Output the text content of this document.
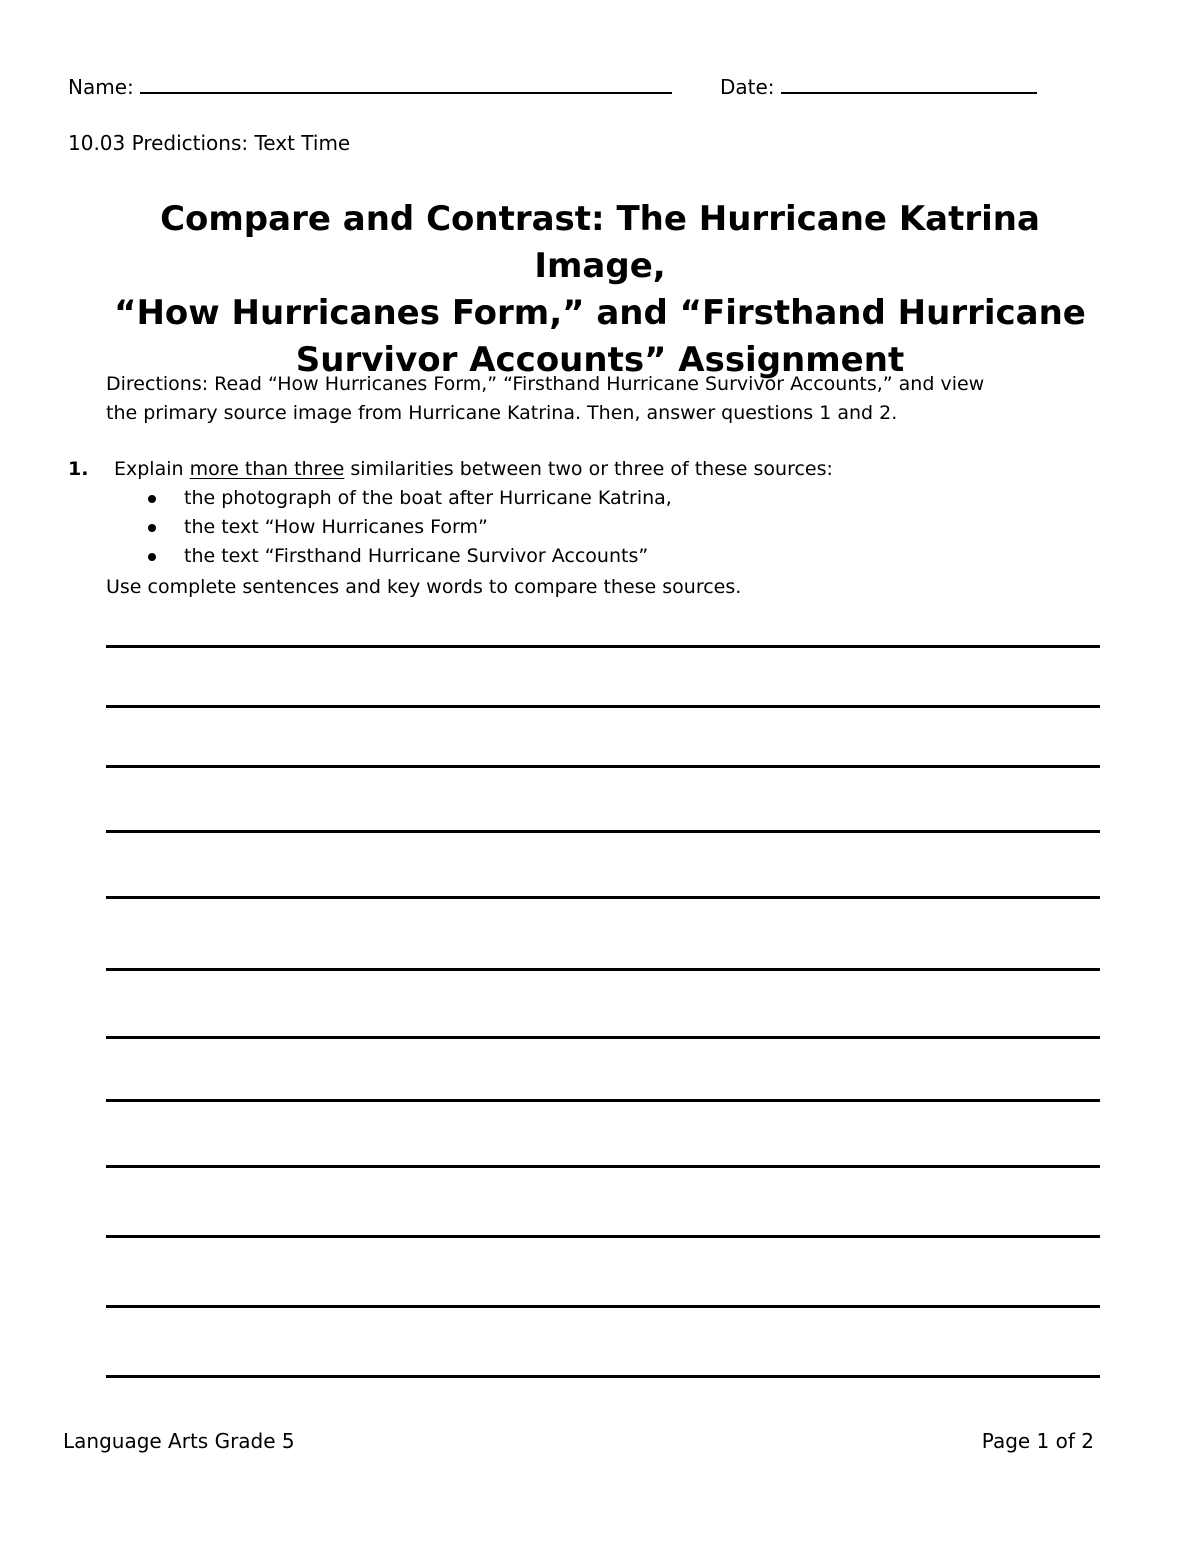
Name:	Date:
10.03 Predictions: Text Time
Compare and Contrast: The Hurricane Katrina Image,
“How Hurricanes Form,” and “Firsthand Hurricane
Survivor Accounts” Assignment
Directions: Read “How Hurricanes Form,” “Firsthand Hurricane Survivor Accounts,” and view
the primary source image from Hurricane Katrina. Then, answer questions 1 and 2.
1. Explain more than three similarities between two or three of these sources:
the photograph of the boat after Hurricane Katrina,
the text “How Hurricanes Form”
the text “Firsthand Hurricane Survivor Accounts”
Use complete sentences and key words to compare these sources.
Language Arts Grade 5	Page 1 of 2
